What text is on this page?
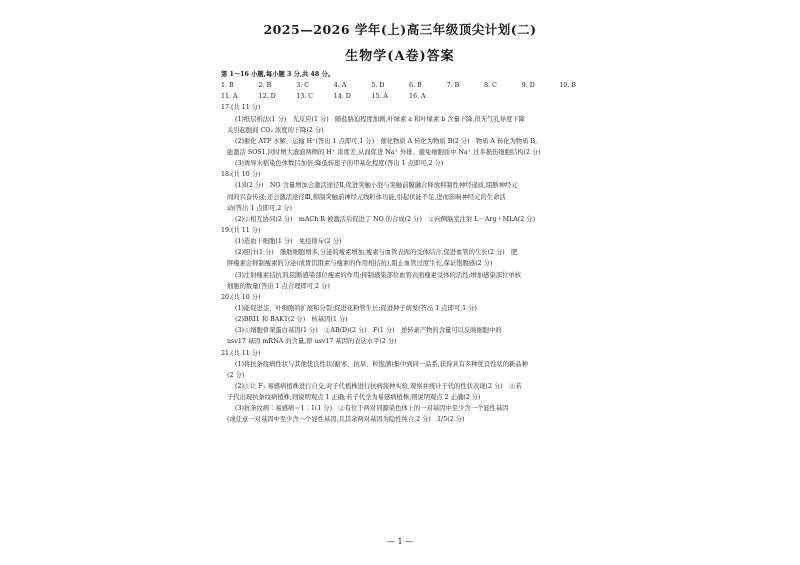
2025—2026 学年(上)高三年级顶尖计划(二)
生物学(A卷)答案
第 1～16 小题,每小题 3 分,共 48 分。
1. B	2. B	3. C	4. A	5. D	6. B	7. B	8. C	9. D	10. B
11. A	12. D	13. C	14. D	15. A	16. A
17.(共 11 分)
(1)纸层析法(1 分)　光反应(1 分)　随盐胁迫程度加剧,叶绿素 a 和叶绿素 b 含量下降,但无气孔导度下降
关引起胞间 CO₂ 浓度的下降(2 分)
(2)催化 ATP 水解、运输 H⁺(答出 1 点即可,1 分)　催化物质 A 转化为物质 B(2 分)　物质 A 转化为物质 B,
能激活 SOS1,同时增大液泡两侧的 H⁺ 浓度差,从而促进 Na⁺ 外排、避免细胞质中 Na⁺ 过多损伤细胞结构(2 分)
(3)诱导水稻染色体数目加倍;降低转座子的甲基化程度(答出 1 点即可,2 分)
18.(共 10 分)
(1)Ⅰ(2 分)　NO 含量增加会激活途径Ⅱ,促进突触小泡与突触前膜融合释放抑制性神经递质,阻断神经元
间的兴奋传递;还会激活途径Ⅲ,抑制突触前神经元线粒体功能,引起供能不足,进而影响神经元的生命活
动(答出 1 点即可,2 分)
(2)①相互协同(2 分)　mACh R 被激活后促进了 NO 的合成(2 分)　②向侧脑室注射 L－Arg＋MLA(2 分)
19.(共 11 分)
(1)造血干细胞(1 分)　免疫排斥(2 分)
(2)胆汁(1 分)　脂肪细胞增多,分泌的瘦素增加,瘦素与血管表面的受体结合,促进血管的生长(2 分)　肥
胖瘦素会抑制瘦素的分泌(或胃饥饿素与瘦素的作用相拮抗),阻止血管过度生长,保证饱腹感(2 分)
(3)注射瘦素拮抗剂,阻断感染部位瘦素的作用;抑制感染部位血管表面瘦素受体的活性;增加感染部位单核
细胞的数量(答出 1 点合理即可,2 分)
20.(共 10 分)
(1)能促进茎、叶细胞的扩展和分裂;促进花粉管生长;促进种子萌发(答出 1 点即可,1 分)
(2)BRI1 和 BAK1(2 分)　核基因(1 分)
(3)①细胞骨架蛋白基因(1 分)　②AB(D)(2 分)　F(1 分)　逆转录产物的含量可以反映细胞中的
usv17 基因 mRNA 的含量,即 usv17 基因的表达水平(2 分)
21.(共 11 分)
(1)将抗条纹病性状与其他优良性状(耐寒、抗旱、粒饱满)集中到同一品系,获得具有多种优良性状的新品种
(2 分)
(2)①让 F₁ 易感病植株进行自交,对子代植株进行抗病接种实验,观察并统计子代的性状表现(2 分)　②若
子代出现抗条纹病植株,则说明观点 1 正确;若子代全为易感病植株,则说明观点 2 正确(2 分)
(3)抗条纹病∶易感病＝1∶1(1 分)　②有位于两对同源染色体上的一对基因中至少含一个显性基因
(或任意一对基因中至少含一个显性基因,且其余两对基因为隐性纯合,2 分)　1/5(2 分)
— 1 —
